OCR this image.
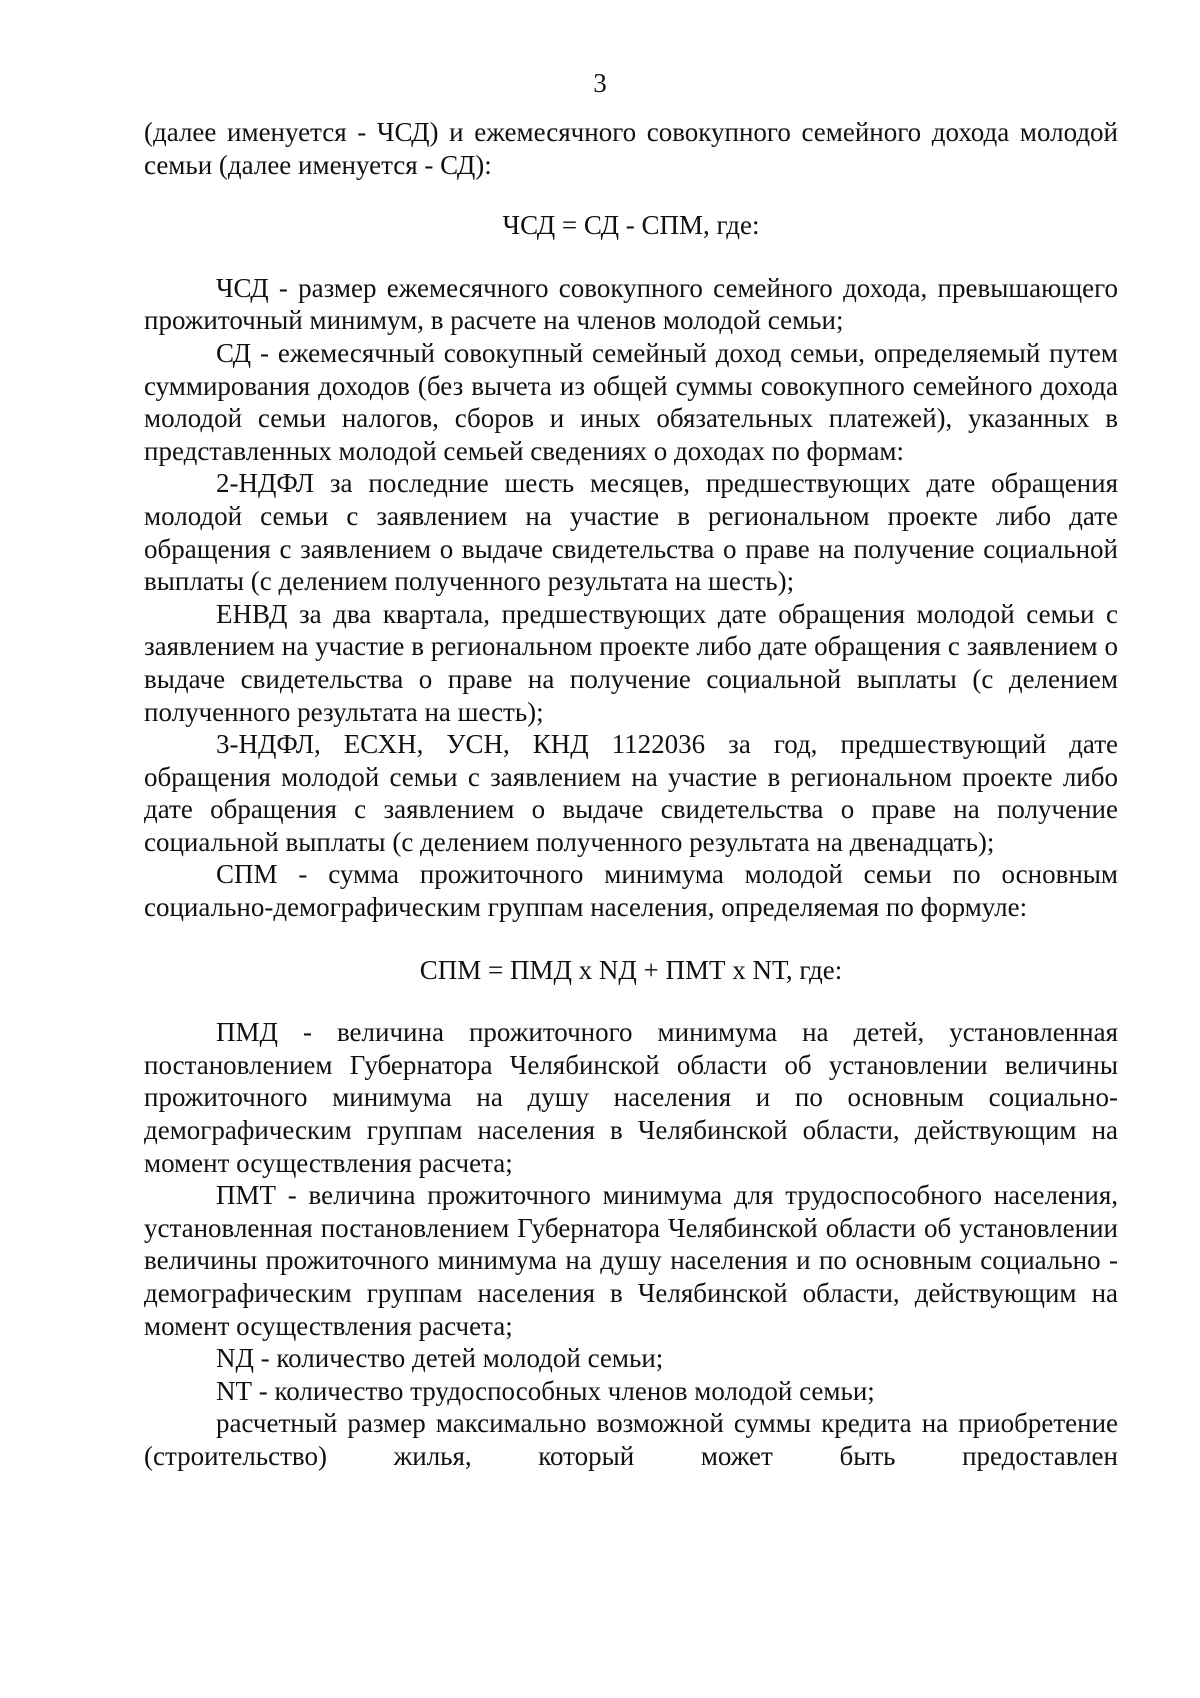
3

(далее именуется - ЧСД) и ежемесячного совокупного семейного дохода молодой семьи (далее именуется - СД):

ЧСД = СД - СПМ, где:

ЧСД - размер ежемесячного совокупного семейного дохода, превышающего прожиточный минимум, в расчете на членов молодой семьи;

СД - ежемесячный совокупный семейный доход семьи, определяемый путем суммирования доходов (без вычета из общей суммы совокупного семейного дохода молодой семьи налогов, сборов и иных обязательных платежей), указанных в представленных молодой семьей сведениях о доходах по формам:

2-НДФЛ за последние шесть месяцев, предшествующих дате обращения молодой семьи с заявлением на участие в региональном проекте либо дате обращения с заявлением о выдаче свидетельства о праве на получение социальной выплаты (с делением полученного результата на шесть);

ЕНВД за два квартала, предшествующих дате обращения молодой семьи с заявлением на участие в региональном проекте либо дате обращения с заявлением о выдаче свидетельства о праве на получение социальной выплаты (с делением полученного результата на шесть);

3-НДФЛ, ЕСХН, УСН, КНД 1122036 за год, предшествующий дате обращения молодой семьи с заявлением на участие в региональном проекте либо дате обращения с заявлением о выдаче свидетельства о праве на получение социальной выплаты (с делением полученного результата на двенадцать);

СПМ - сумма прожиточного минимума молодой семьи по основным социально-демографическим группам населения, определяемая по формуле:

СПМ = ПМД x NД + ПМТ x NТ, где:

ПМД - величина прожиточного минимума на детей, установленная постановлением Губернатора Челябинской области об установлении величины прожиточного минимума на душу населения и по основным социально-демографическим группам населения в Челябинской области, действующим на момент осуществления расчета;

ПМТ - величина прожиточного минимума для трудоспособного населения, установленная постановлением Губернатора Челябинской области об установлении величины прожиточного минимума на душу населения и по основным социально - демографическим группам населения в Челябинской области, действующим на момент осуществления расчета;

NД - количество детей молодой семьи;

NТ - количество трудоспособных членов молодой семьи;

расчетный размер максимально возможной суммы кредита на приобретение (строительство) жилья, который может быть предоставлен
